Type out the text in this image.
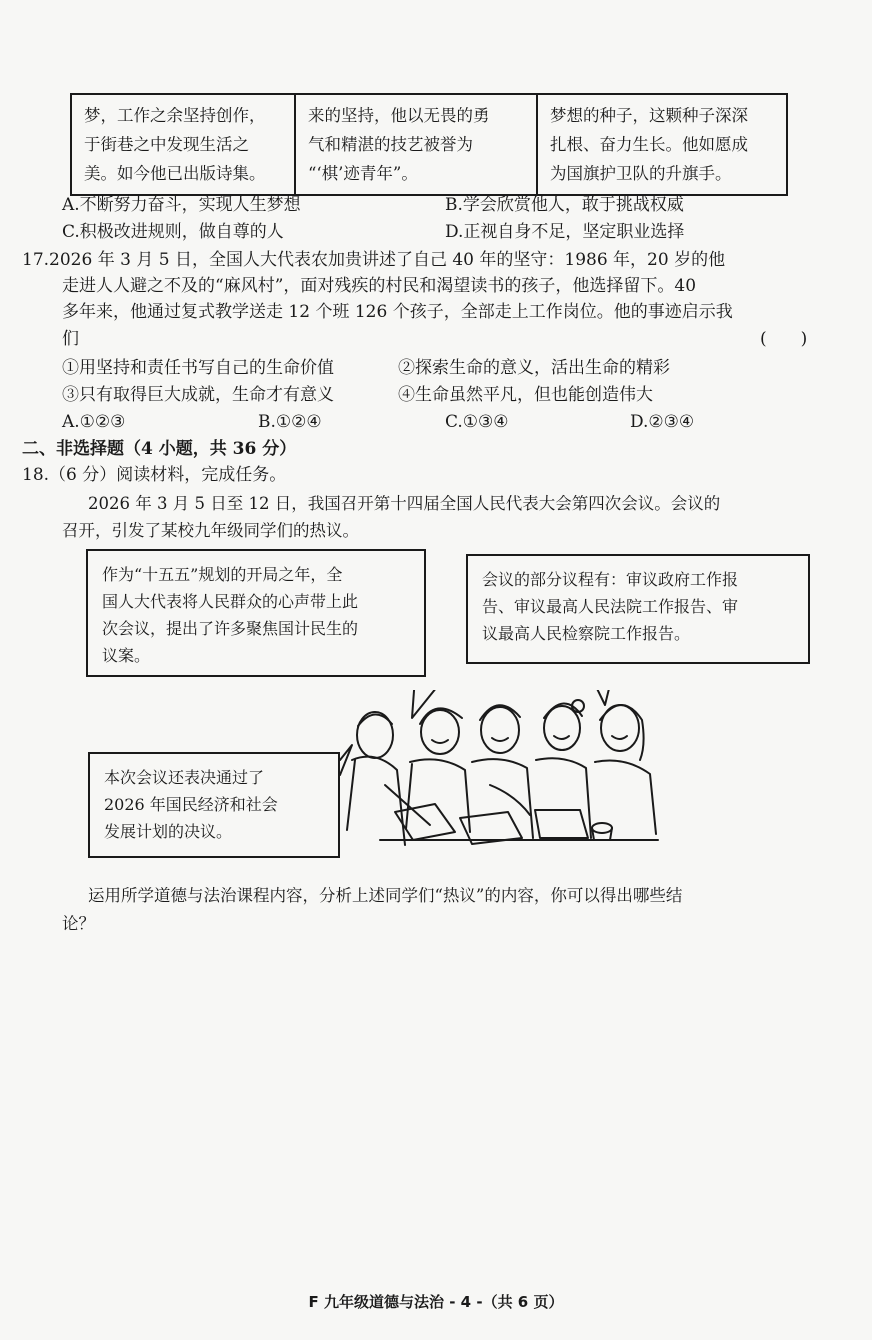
梦，工作之余坚持创作，
于街巷之中发现生活之
美。如今他已出版诗集。

来的坚持，他以无畏的勇
气和精湛的技艺被誉为
“‘棋’迹青年”。

梦想的种子，这颗种子深深
扎根、奋力生长。他如愿成
为国旗护卫队的升旗手。
A.不断努力奋斗，实现人生梦想	B.学会欣赏他人，敢于挑战权威
C.积极改进规则，做自尊的人	D.正视自身不足，坚定职业选择
17.2026 年 3 月 5 日，全国人大代表农加贵讲述了自己 40 年的坚守：1986 年，20 岁的他
走进人人避之不及的“麻风村”，面对残疾的村民和渴望读书的孩子，他选择留下。40
多年来，他通过复式教学送走 12 个班 126 个孩子，全部走上工作岗位。他的事迹启示我
们	(　　)
①用坚持和责任书写自己的生命价值	②探索生命的意义，活出生命的精彩
③只有取得巨大成就，生命才有意义	④生命虽然平凡，但也能创造伟大
A.①②③	B.①②④	C.①③④	D.②③④
二、非选择题（4 小题，共 36 分）
18.（6 分）阅读材料，完成任务。
2026 年 3 月 5 日至 12 日，我国召开第十四届全国人民代表大会第四次会议。会议的
召开，引发了某校九年级同学们的热议。

作为“十五五”规划的开局之年，全

国人大代表将人民群众的心声带上此

次会议，提出了许多聚焦国计民生的

议案。

会议的部分议程有：审议政府工作报

告、审议最高人民法院工作报告、审

议最高人民检察院工作报告。

本次会议还表决通过了

2026 年国民经济和社会

发展计划的决议。

运用所学道德与法治课程内容，分析上述同学们“热议”的内容，你可以得出哪些结
论？
F 九年级道德与法治 - 4 -（共 6 页）
